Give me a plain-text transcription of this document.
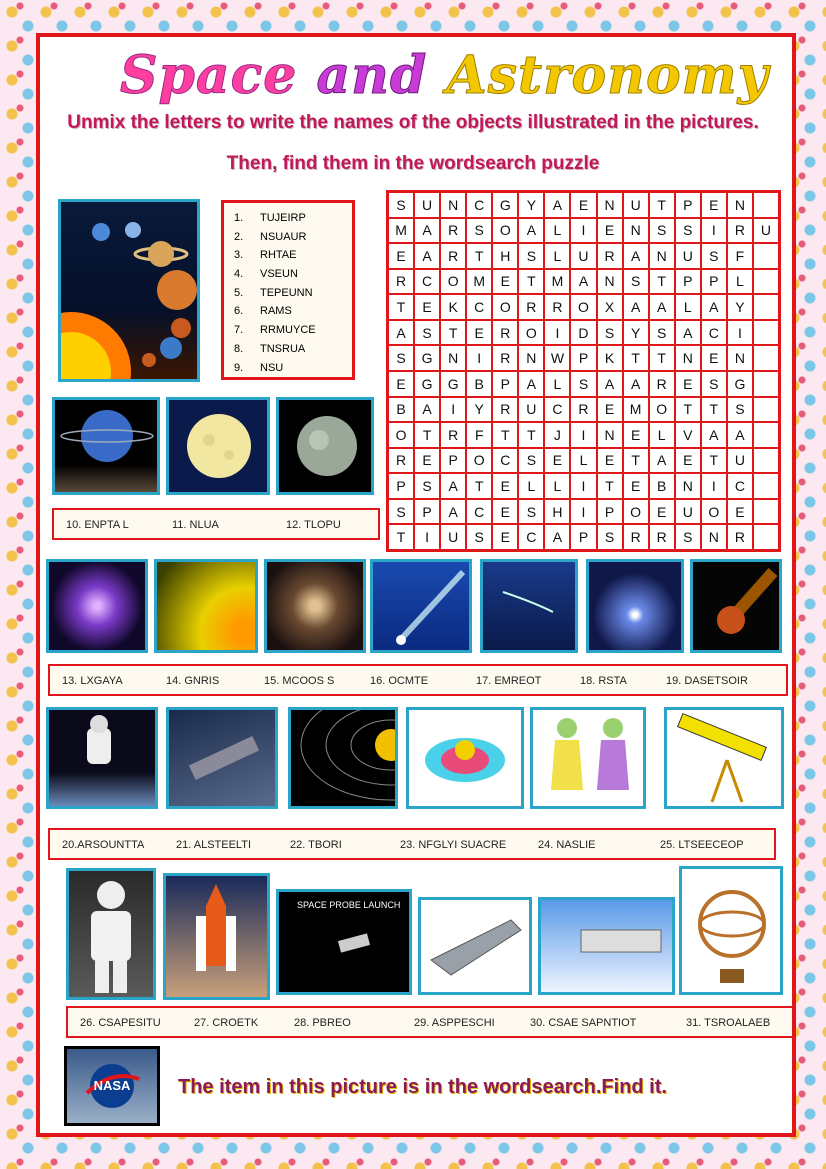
Space and Astronomy
Unmix the letters to write the names of the objects illustrated in the pictures.
Then, find them in the wordsearch puzzle
1. TUJEIRP
2. NSUAUR
3. RHTAE
4. VSEUN
5. TEPEUNN
6. RAMS
7. RRMUYCE
8. TNSRUA
9. NSU
S	U	N	C	G	Y	A	E	N	U	T	P	E	N
M	A	R	S	O	A	L	I	E	N	S	S	I	R	U
E	A	R	T	H	S	L	U	R	A	N	U	S	F
R	C	O	M	E	T	M	A	N	S	T	P	P	L
T	E	K	C	O	R	R	O	X	A	A	L	A	Y
A	S	T	E	R	O	I	D	S	Y	S	A	C	I
S	G	N	I	R	N	W	P	K	T	T	N	E	N
E	G	G	B	P	A	L	S	A	A	R	E	S	G
B	A	I	Y	R	U	C	R	E	M	O	T	T	S
O	T	R	F	T	T	J	I	N	E	L	V	A	A
R	E	P	O	C	S	E	L	E	T	A	E	T	U
P	S	A	T	E	L	L	I	T	E	B	N	I	C
S	P	A	C	E	S	H	I	P	O	E	U	O	E
T	I	U	S	E	C	A	P	S	R	R	S	N	R
10. ENPTA L	11. NLUA	12. TLOPU
13. LXGAYA	14. GNRIS	15. MCOOS S	16. OCMTE	17. EMREOT	18. RSTA	19. DASETSOIR
20.ARSOUNTTA	21. ALSTEELTI	22. TBORI	23. NFGLYI SUACRE	24. NASLIE	25. LTSEECEOP
SPACE PROBE LAUNCH
26. CSAPESITU	27. CROETK	28. PBREO	29. ASPPESCHI	30. CSAE SAPNTIOT	31. TSROALAEB
NASA The item in this picture is in the wordsearch.Find it.
